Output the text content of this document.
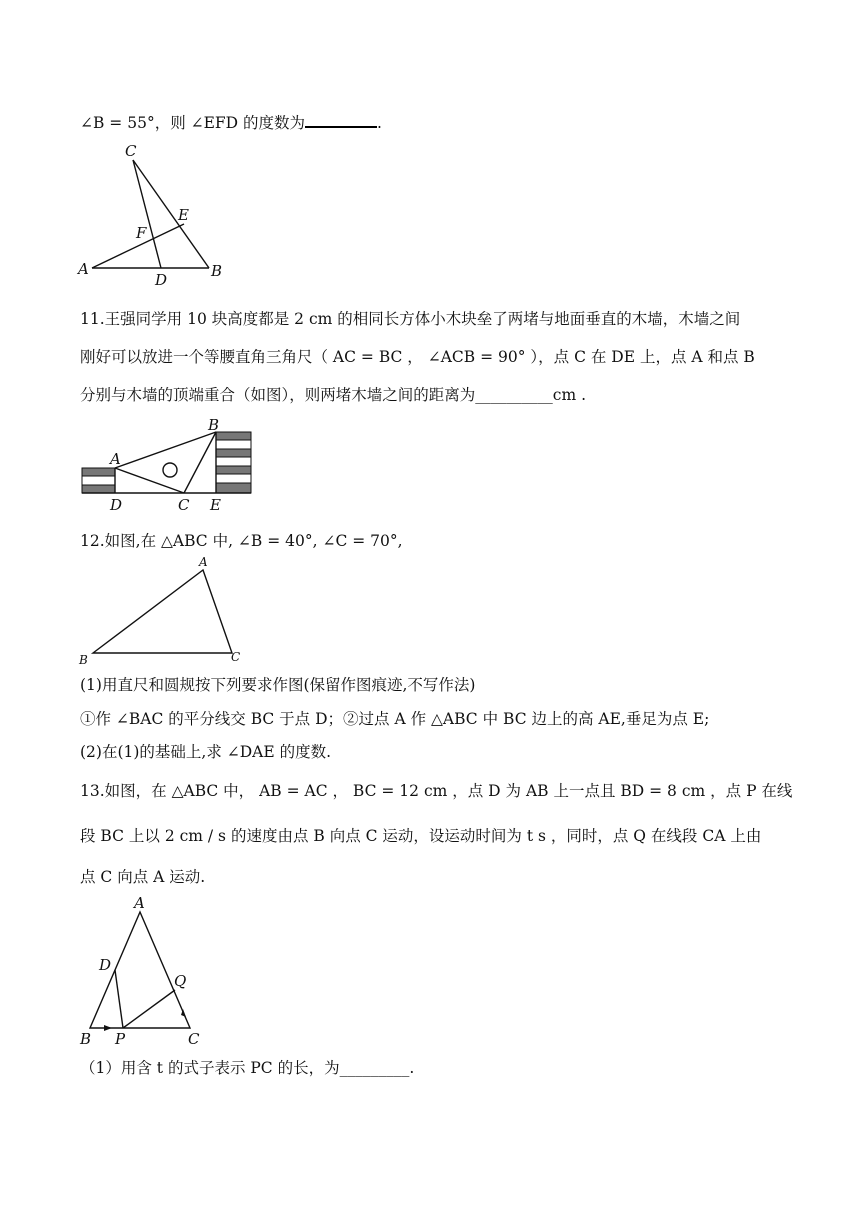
∠B = 55°，则 ∠EFD 的度数为	.
C
E
F
A
D	B
11.王强同学用 10 块高度都是 2 cm 的相同长方体小木块垒了两堵与地面垂直的木墙，木墙之间
刚好可以放进一个等腰直角三角尺（ AC = BC ， ∠ACB = 90° ），点 C 在 DE 上，点 A 和点 B
分别与木墙的顶端重合（如图），则两堵木墙之间的距离为__________cm .
A
B
D	C E
12.如图,在 △ABC 中, ∠B = 40°, ∠C = 70°,
A
B	C
(1)用直尺和圆规按下列要求作图(保留作图痕迹,不写作法)
①作 ∠BAC 的平分线交 BC 于点 D；②过点 A 作 △ABC 中 BC 边上的高 AE,垂足为点 E;
(2)在(1)的基础上,求 ∠DAE 的度数.
13.如图，在 △ABC 中， AB = AC ， BC = 12 cm ，点 D 为 AB 上一点且 BD = 8 cm ，点 P 在线
段 BC 上以 2 cm / s 的速度由点 B 向点 C 运动，设运动时间为 t s ，同时，点 Q 在线段 CA 上由
点 C 向点 A 运动.
A
D
Q
B P	C
（1）用含 t 的式子表示 PC 的长，为_________.
